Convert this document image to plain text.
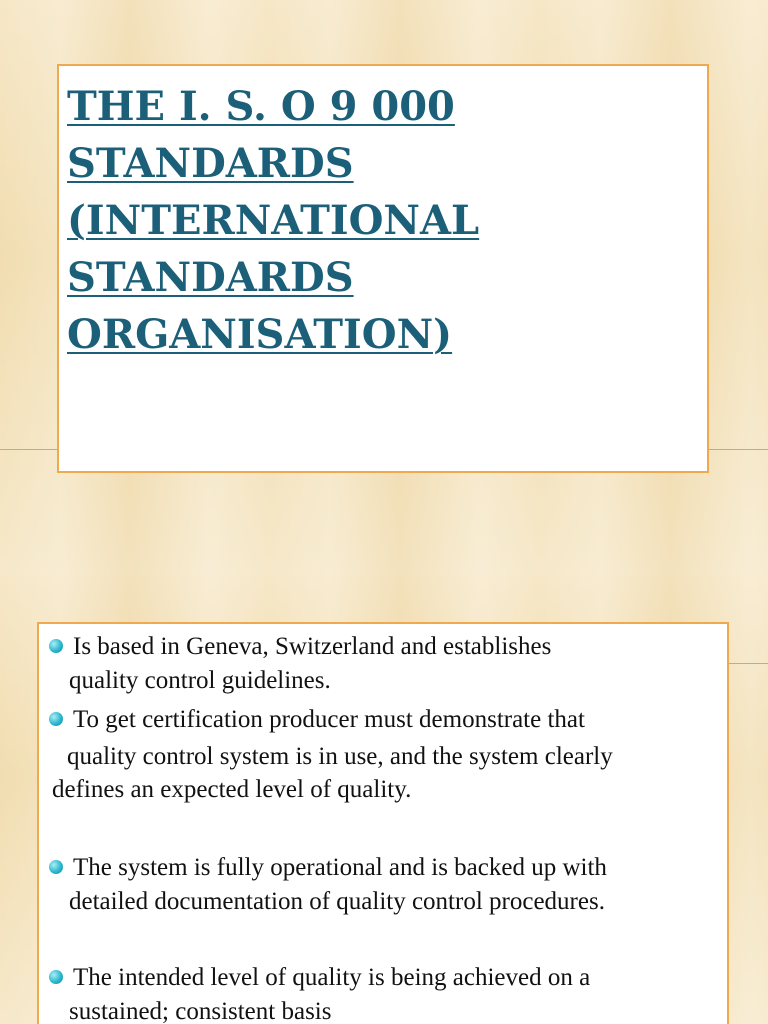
THE I. S. O 9 000
STANDARDS
(INTERNATIONAL
STANDARDS
ORGANISATION)
Is based in Geneva, Switzerland and establishes
quality control guidelines.
To get certification producer must demonstrate that
quality control system is in use, and the system clearly
defines an expected level of quality.
The system is fully operational and is backed up with
detailed documentation of quality control procedures.
The intended level of quality is being achieved on a
sustained; consistent basis
